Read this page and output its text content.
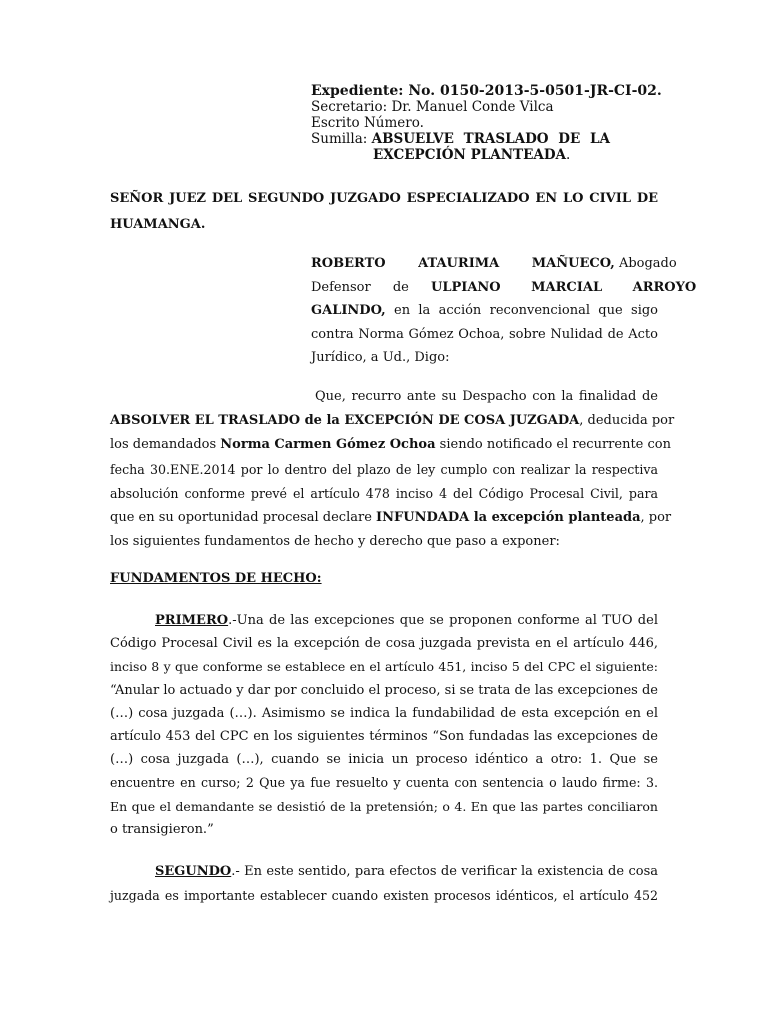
Expediente: No. 0150-2013-5-0501-JR-CI-02.
Secretario: Dr. Manuel Conde Vilca
Escrito Número.
Sumilla: ABSUELVE TRASLADO DE LA
EXCEPCIÓN PLANTEADA.
SEÑOR JUEZ DEL SEGUNDO JUZGADO ESPECIALIZADO EN LO CIVIL DE
HUAMANGA.
ROBERTO ATAURIMA MAÑUECO, Abogado
Defensor de ULPIANO MARCIAL ARROYO
GALINDO, en la acción reconvencional que sigo
contra Norma Gómez Ochoa, sobre Nulidad de Acto
Jurídico, a Ud., Digo:
Que, recurro ante su Despacho con la finalidad de
ABSOLVER EL TRASLADO de la EXCEPCIÓN DE COSA JUZGADA, deducida por
los demandados Norma Carmen Gómez Ochoa siendo notificado el recurrente con
fecha 30.ENE.2014 por lo dentro del plazo de ley cumplo con realizar la respectiva
absolución conforme prevé el artículo 478 inciso 4 del Código Procesal Civil, para
que en su oportunidad procesal declare INFUNDADA la excepción planteada, por
los siguientes fundamentos de hecho y derecho que paso a exponer:
FUNDAMENTOS DE HECHO:
PRIMERO.-Una de las excepciones que se proponen conforme al TUO del
Código Procesal Civil es la excepción de cosa juzgada prevista en el artículo 446,
inciso 8 y que conforme se establece en el artículo 451, inciso 5 del CPC el siguiente:
“Anular lo actuado y dar por concluido el proceso, si se trata de las excepciones de
(…) cosa juzgada (…). Asimismo se indica la fundabilidad de esta excepción en el
artículo 453 del CPC en los siguientes términos “Son fundadas las excepciones de
(…) cosa juzgada (…), cuando se inicia un proceso idéntico a otro: 1. Que se
encuentre en curso; 2 Que ya fue resuelto y cuenta con sentencia o laudo firme: 3.
En que el demandante se desistió de la pretensión; o 4. En que las partes conciliaron
o transigieron.”
SEGUNDO.- En este sentido, para efectos de verificar la existencia de cosa
juzgada es importante establecer cuando existen procesos idénticos, el artículo 452
